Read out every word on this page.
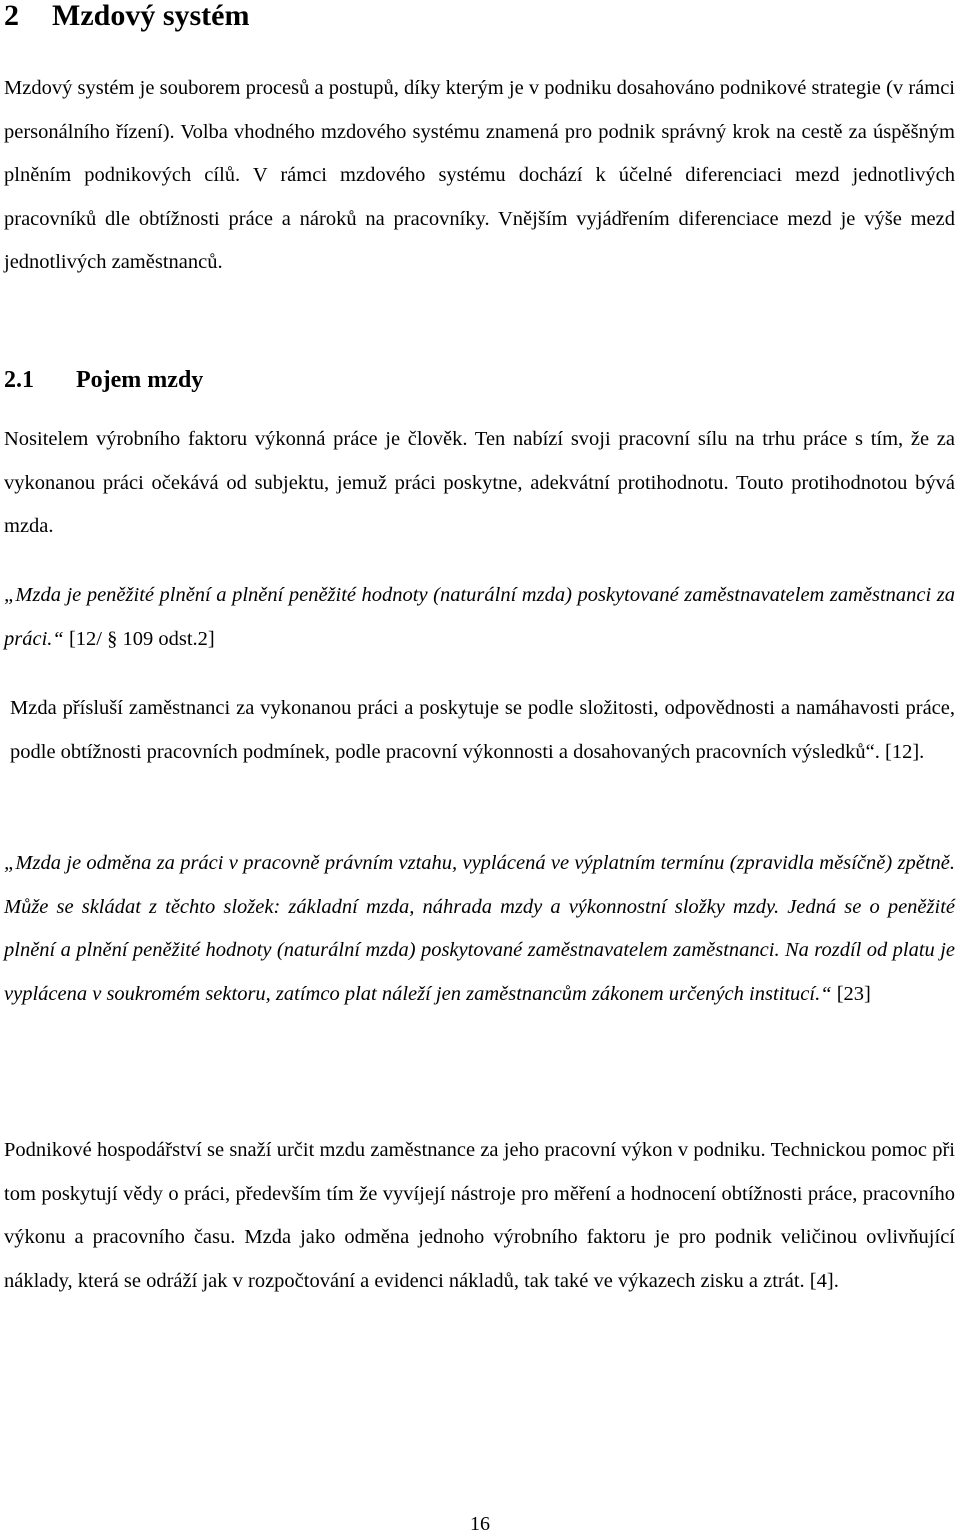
2 Mzdový systém

Mzdový systém je souborem procesů a postupů, díky kterým je v podniku dosahováno podnikové strategie (v rámci personálního řízení). Volba vhodného mzdového systému znamená pro podnik správný krok na cestě za úspěšným plněním podnikových cílů. V rámci mzdového systému dochází k účelné diferenciaci mezd jednotlivých pracovníků dle obtížnosti práce a nároků na pracovníky. Vnějším vyjádřením diferenciace mezd je výše mezd jednotlivých zaměstnanců.

2.1 Pojem mzdy

Nositelem výrobního faktoru výkonná práce je člověk. Ten nabízí svoji pracovní sílu na trhu práce s tím, že za vykonanou práci očekává od subjektu, jemuž práci poskytne, adekvátní protihodnotu. Touto protihodnotou bývá mzda.

„Mzda je peněžité plnění a plnění peněžité hodnoty (naturální mzda) poskytované zaměstnavatelem zaměstnanci za práci.“ [12/ § 109 odst.2]

Mzda přísluší zaměstnanci za vykonanou práci a poskytuje se podle složitosti, odpovědnosti a namáhavosti práce, podle obtížnosti pracovních podmínek, podle pracovní výkonnosti a dosahovaných pracovních výsledků“. [12].

„Mzda je odměna za práci v pracovně právním vztahu, vyplácená ve výplatním termínu (zpravidla měsíčně) zpětně. Může se skládat z těchto složek: základní mzda, náhrada mzdy a výkonnostní složky mzdy. Jedná se o peněžité plnění a plnění peněžité hodnoty (naturální mzda) poskytované zaměstnavatelem zaměstnanci. Na rozdíl od platu je vyplácena v soukromém sektoru, zatímco plat náleží jen zaměstnancům zákonem určených institucí.“ [23]

Podnikové hospodářství se snaží určit mzdu zaměstnance za jeho pracovní výkon v podniku. Technickou pomoc při tom poskytují vědy o práci, především tím že vyvíjejí nástroje pro měření a hodnocení obtížnosti práce, pracovního výkonu a pracovního času. Mzda jako odměna jednoho výrobního faktoru je pro podnik veličinou ovlivňující náklady, která se odráží jak v rozpočtování a evidenci nákladů, tak také ve výkazech zisku a ztrát. [4].

16
